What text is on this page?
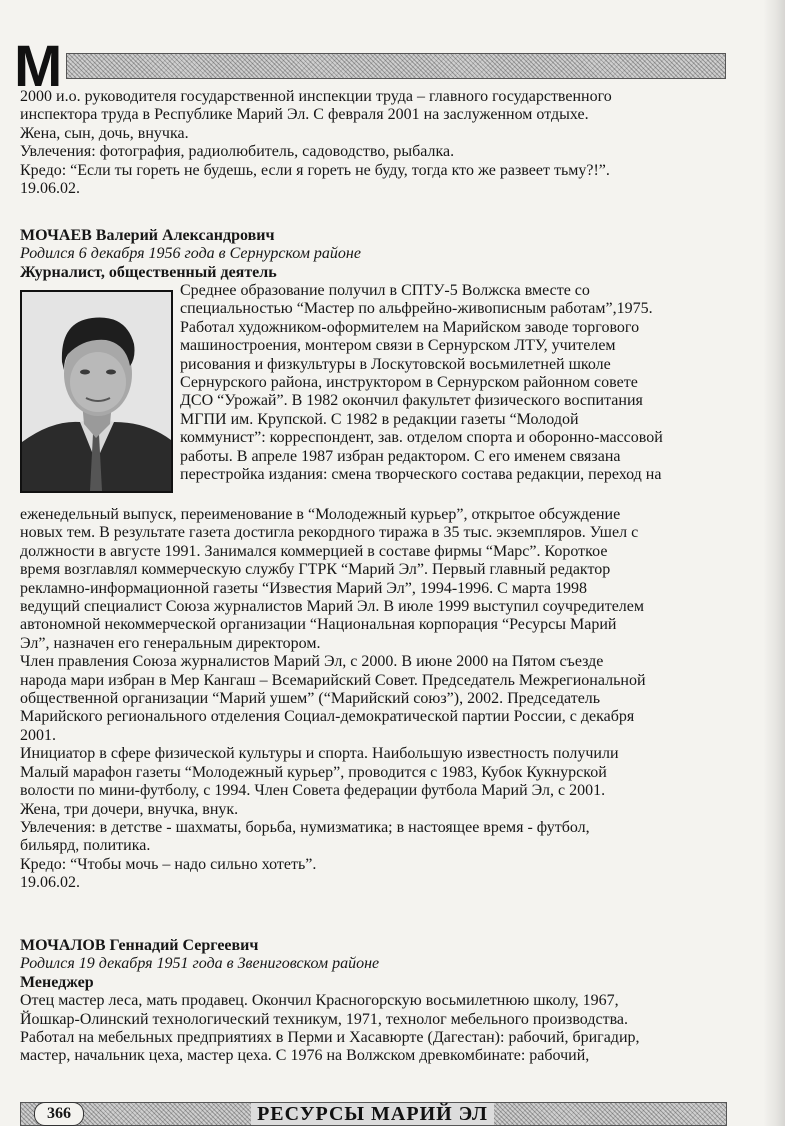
М
2000 и.о. руководителя государственной инспекции труда – главного государственного
инспектора труда в Республике Марий Эл. С февраля 2001 на заслуженном отдыхе.
Жена, сын, дочь, внучка.
Увлечения: фотография, радиолюбитель, садоводство, рыбалка.
Кредо: “Если ты гореть не будешь, если я гореть не буду, тогда кто же развеет тьму?!”.
19.06.02.
МОЧАЕВ Валерий Александрович
Родился 6 декабря 1956 года в Сернурском районе
Журналист, общественный деятель
Среднее образование получил в СПТУ-5 Волжска вместе со
специальностью “Мастер по альфрейно-живописным работам”,1975.
Работал художником-оформителем на Марийском заводе торгового
машиностроения, монтером связи в Сернурском ЛТУ, учителем
рисования и физкультуры в Лоскутовской восьмилетней школе
Сернурского района, инструктором в Сернурском районном совете
ДСО “Урожай”. В 1982 окончил факультет физического воспитания
МГПИ им. Крупской. С 1982 в редакции газеты “Молодой
коммунист”: корреспондент, зав. отделом спорта и оборонно-массовой
работы. В апреле 1987 избран редактором. С его именем связана
перестройка издания: смена творческого состава редакции, переход на
еженедельный выпуск, переименование в “Молодежный курьер”, открытое обсуждение
новых тем. В результате газета достигла рекордного тиража в 35 тыс. экземпляров. Ушел с
должности в августе 1991. Занимался коммерцией в составе фирмы “Марс”. Короткое
время возглавлял коммерческую службу ГТРК “Марий Эл”. Первый главный редактор
рекламно-информационной газеты “Известия Марий Эл”, 1994-1996. С марта 1998
ведущий специалист Союза журналистов Марий Эл. В июле 1999 выступил соучредителем
автономной некоммерческой организации “Национальная корпорация “Ресурсы Марий
Эл”, назначен его генеральным директором.
Член правления Союза журналистов Марий Эл, с 2000. В июне 2000 на Пятом съезде
народа мари избран в Мер Кангаш – Всемарийский Совет. Председатель Межрегиональной
общественной организации “Марий ушем” (“Марийский союз”), 2002. Председатель
Марийского регионального отделения Социал-демократической партии России, с декабря
2001.
Инициатор в сфере физической культуры и спорта. Наибольшую известность получили
Малый марафон газеты “Молодежный курьер”, проводится с 1983, Кубок Кукнурской
волости по мини-футболу, с 1994. Член Совета федерации футбола Марий Эл, с 2001.
Жена, три дочери, внучка, внук.
Увлечения: в детстве - шахматы, борьба, нумизматика; в настоящее время - футбол,
бильярд, политика.
Кредо: “Чтобы мочь – надо сильно хотеть”.
19.06.02.
МОЧАЛОВ Геннадий Сергеевич
Родился 19 декабря 1951 года в Звениговском районе
Менеджер
Отец мастер леса, мать продавец. Окончил Красногорскую восьмилетнюю школу, 1967,
Йошкар-Олинский технологический техникум, 1971, технолог мебельного производства.
Работал на мебельных предприятиях в Перми и Хасавюрте (Дагестан): рабочий, бригадир,
мастер, начальник цеха, мастер цеха. С 1976 на Волжском древкомбинате: рабочий,
РЕСУРСЫ МАРИЙ ЭЛ
366
